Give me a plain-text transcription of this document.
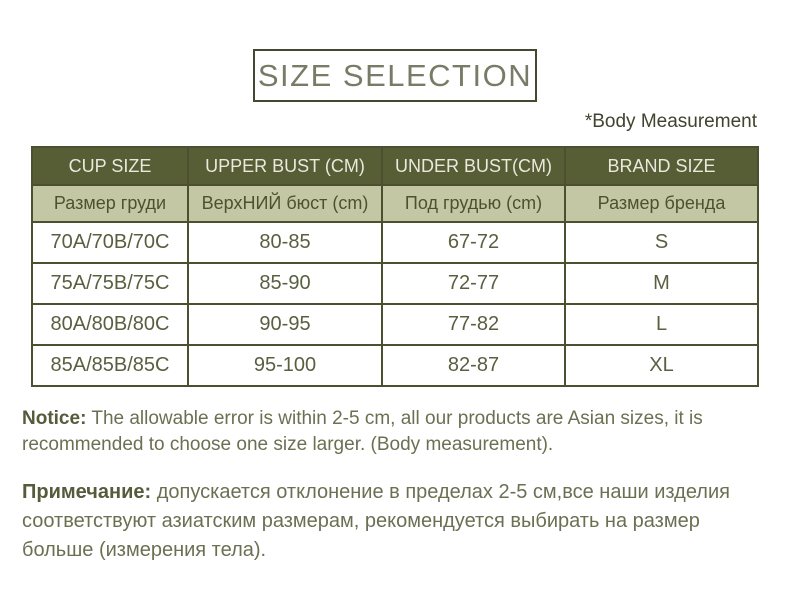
SIZE SELECTION
*Body Measurement
CUP SIZE	UPPER BUST (CM)	UNDER BUST(CM)	BRAND SIZE
Размер груди	ВерхНИЙ бюст (cm)	Под грудью (cm)	Размер бренда
70A/70B/70C	80-85	67-72	S
75A/75B/75C	85-90	72-77	M
80A/80B/80C	90-95	77-82	L
85A/85B/85C	95-100	82-87	XL

Notice: The allowable error is within 2-5 cm, all our products are Asian sizes, it is recommended to choose one size larger. (Body measurement).

Примечание: допускается отклонение в пределах 2-5 см,все наши изделия соответствуют азиатским размерам, рекомендуется выбирать на размер больше (измерения тела).
